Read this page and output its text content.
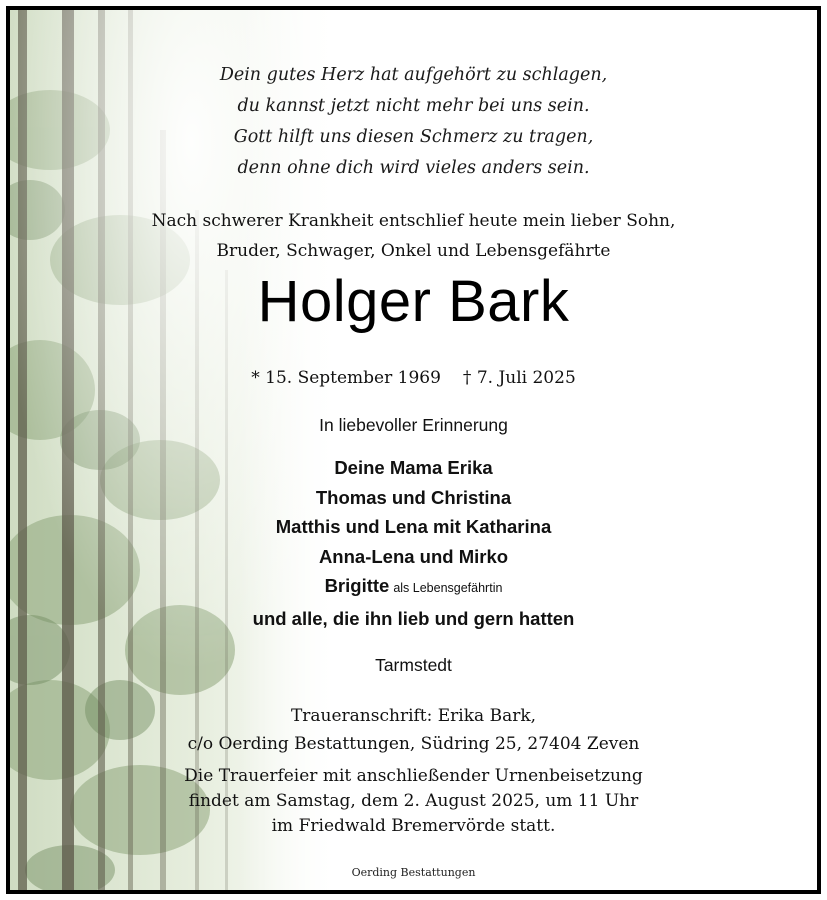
Dein gutes Herz hat aufgehört zu schlagen,
du kannst jetzt nicht mehr bei uns sein.
Gott hilft uns diesen Schmerz zu tragen,
denn ohne dich wird vieles anders sein.
Nach schwerer Krankheit entschlief heute mein lieber Sohn,
Bruder, Schwager, Onkel und Lebensgefährte
Holger Bark
* 15. September 1969 † 7. Juli 2025
In liebevoller Erinnerung
Deine Mama Erika
Thomas und Christina
Matthis und Lena mit Katharina
Anna-Lena und Mirko
Brigitte als Lebensgefährtin
und alle, die ihn lieb und gern hatten
Tarmstedt
Traueranschrift: Erika Bark,
c/o Oerding Bestattungen, Südring 25, 27404 Zeven
Die Trauerfeier mit anschließender Urnenbeisetzung
findet am Samstag, dem 2. August 2025, um 11 Uhr
im Friedwald Bremervörde statt.
Oerding Bestattungen
